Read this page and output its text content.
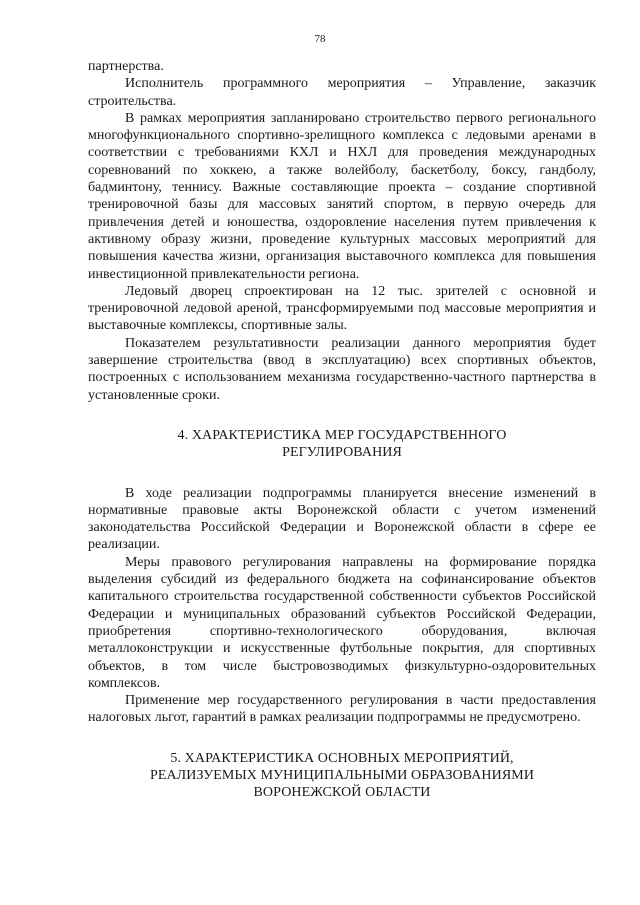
78

партнерства.

Исполнитель программного мероприятия – Управление, заказчик строительства.

В рамках мероприятия запланировано строительство первого регионального многофункционального спортивно-зрелищного комплекса с ледовыми аренами в соответствии с требованиями КХЛ и НХЛ для проведения международных соревнований по хоккею, а также волейболу, баскетболу, боксу, гандболу, бадминтону, теннису. Важные составляющие проекта – создание спортивной тренировочной базы для массовых занятий спортом, в первую очередь для привлечения детей и юношества, оздоровление населения путем привлечения к активному образу жизни, проведение культурных массовых мероприятий для повышения качества жизни, организация выставочного комплекса для повышения инвестиционной привлекательности региона.

Ледовый дворец спроектирован на 12 тыс. зрителей с основной и тренировочной ледовой ареной, трансформируемыми под массовые мероприятия и выставочные комплексы, спортивные залы.

Показателем результативности реализации данного мероприятия будет завершение строительства (ввод в эксплуатацию) всех спортивных объектов, построенных с использованием механизма государственно-частного партнерства в установленные сроки.

4. ХАРАКТЕРИСТИКА МЕР ГОСУДАРСТВЕННОГО
РЕГУЛИРОВАНИЯ

В ходе реализации подпрограммы планируется внесение изменений в нормативные правовые акты Воронежской области с учетом изменений законодательства Российской Федерации и Воронежской области в сфере ее реализации.

Меры правового регулирования направлены на формирование порядка выделения субсидий из федерального бюджета на софинансирование объектов капитального строительства государственной собственности субъектов Российской Федерации и муниципальных образований субъектов Российской Федерации, приобретения спортивно-технологического оборудования, включая металлоконструкции и искусственные футбольные покрытия, для спортивных объектов, в том числе быстровозводимых физкультурно-оздоровительных комплексов.

Применение мер государственного регулирования в части предоставления налоговых льгот, гарантий в рамках реализации подпрограммы не предусмотрено.

5. ХАРАКТЕРИСТИКА ОСНОВНЫХ МЕРОПРИЯТИЙ,
РЕАЛИЗУЕМЫХ МУНИЦИПАЛЬНЫМИ ОБРАЗОВАНИЯМИ
ВОРОНЕЖСКОЙ ОБЛАСТИ
